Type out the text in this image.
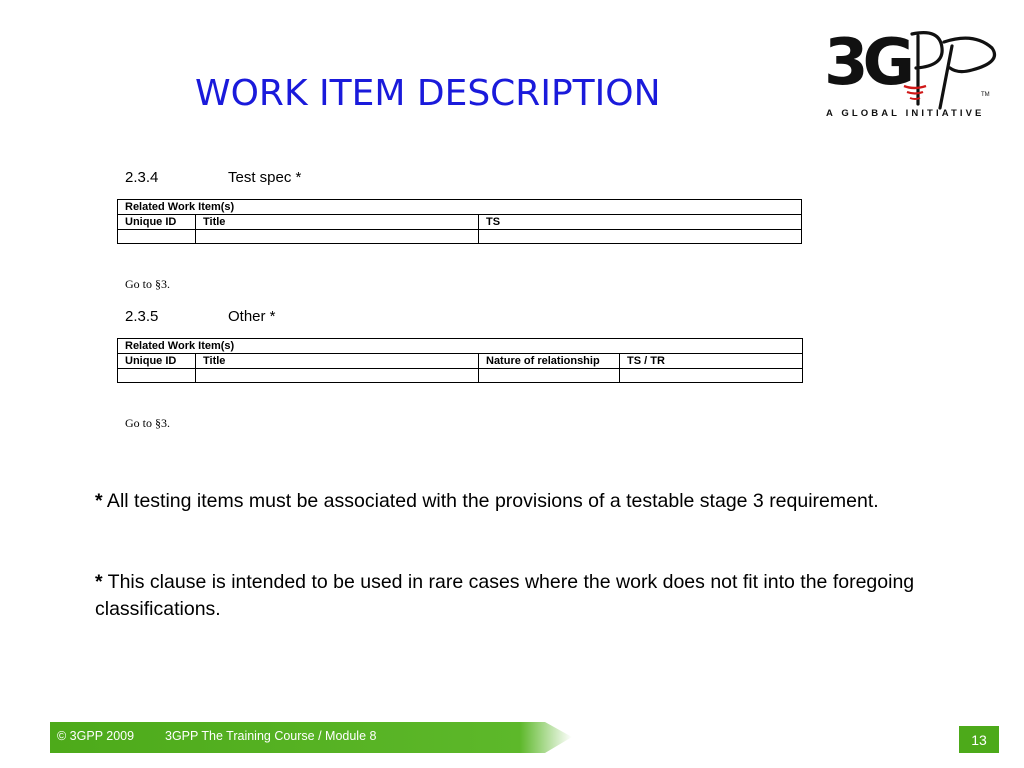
WORK ITEM DESCRIPTION	3G	TM
A GLOBAL INITIATIVE
2.3.4	Test spec *
Related Work Item(s)		
Unique ID	Title	TS

Go to §3.
2.3.5	Other *
Related Work Item(s)			
Unique ID	Title	Nature of relationship	TS / TR

Go to §3.
* All testing items must be associated with the provisions of a testable stage 3 requirement.
* This clause is intended to be used in rare cases where the work does not fit into the foregoing classifications.
© 3GPP 2009 3GPP The Training Course / Module 8	13
